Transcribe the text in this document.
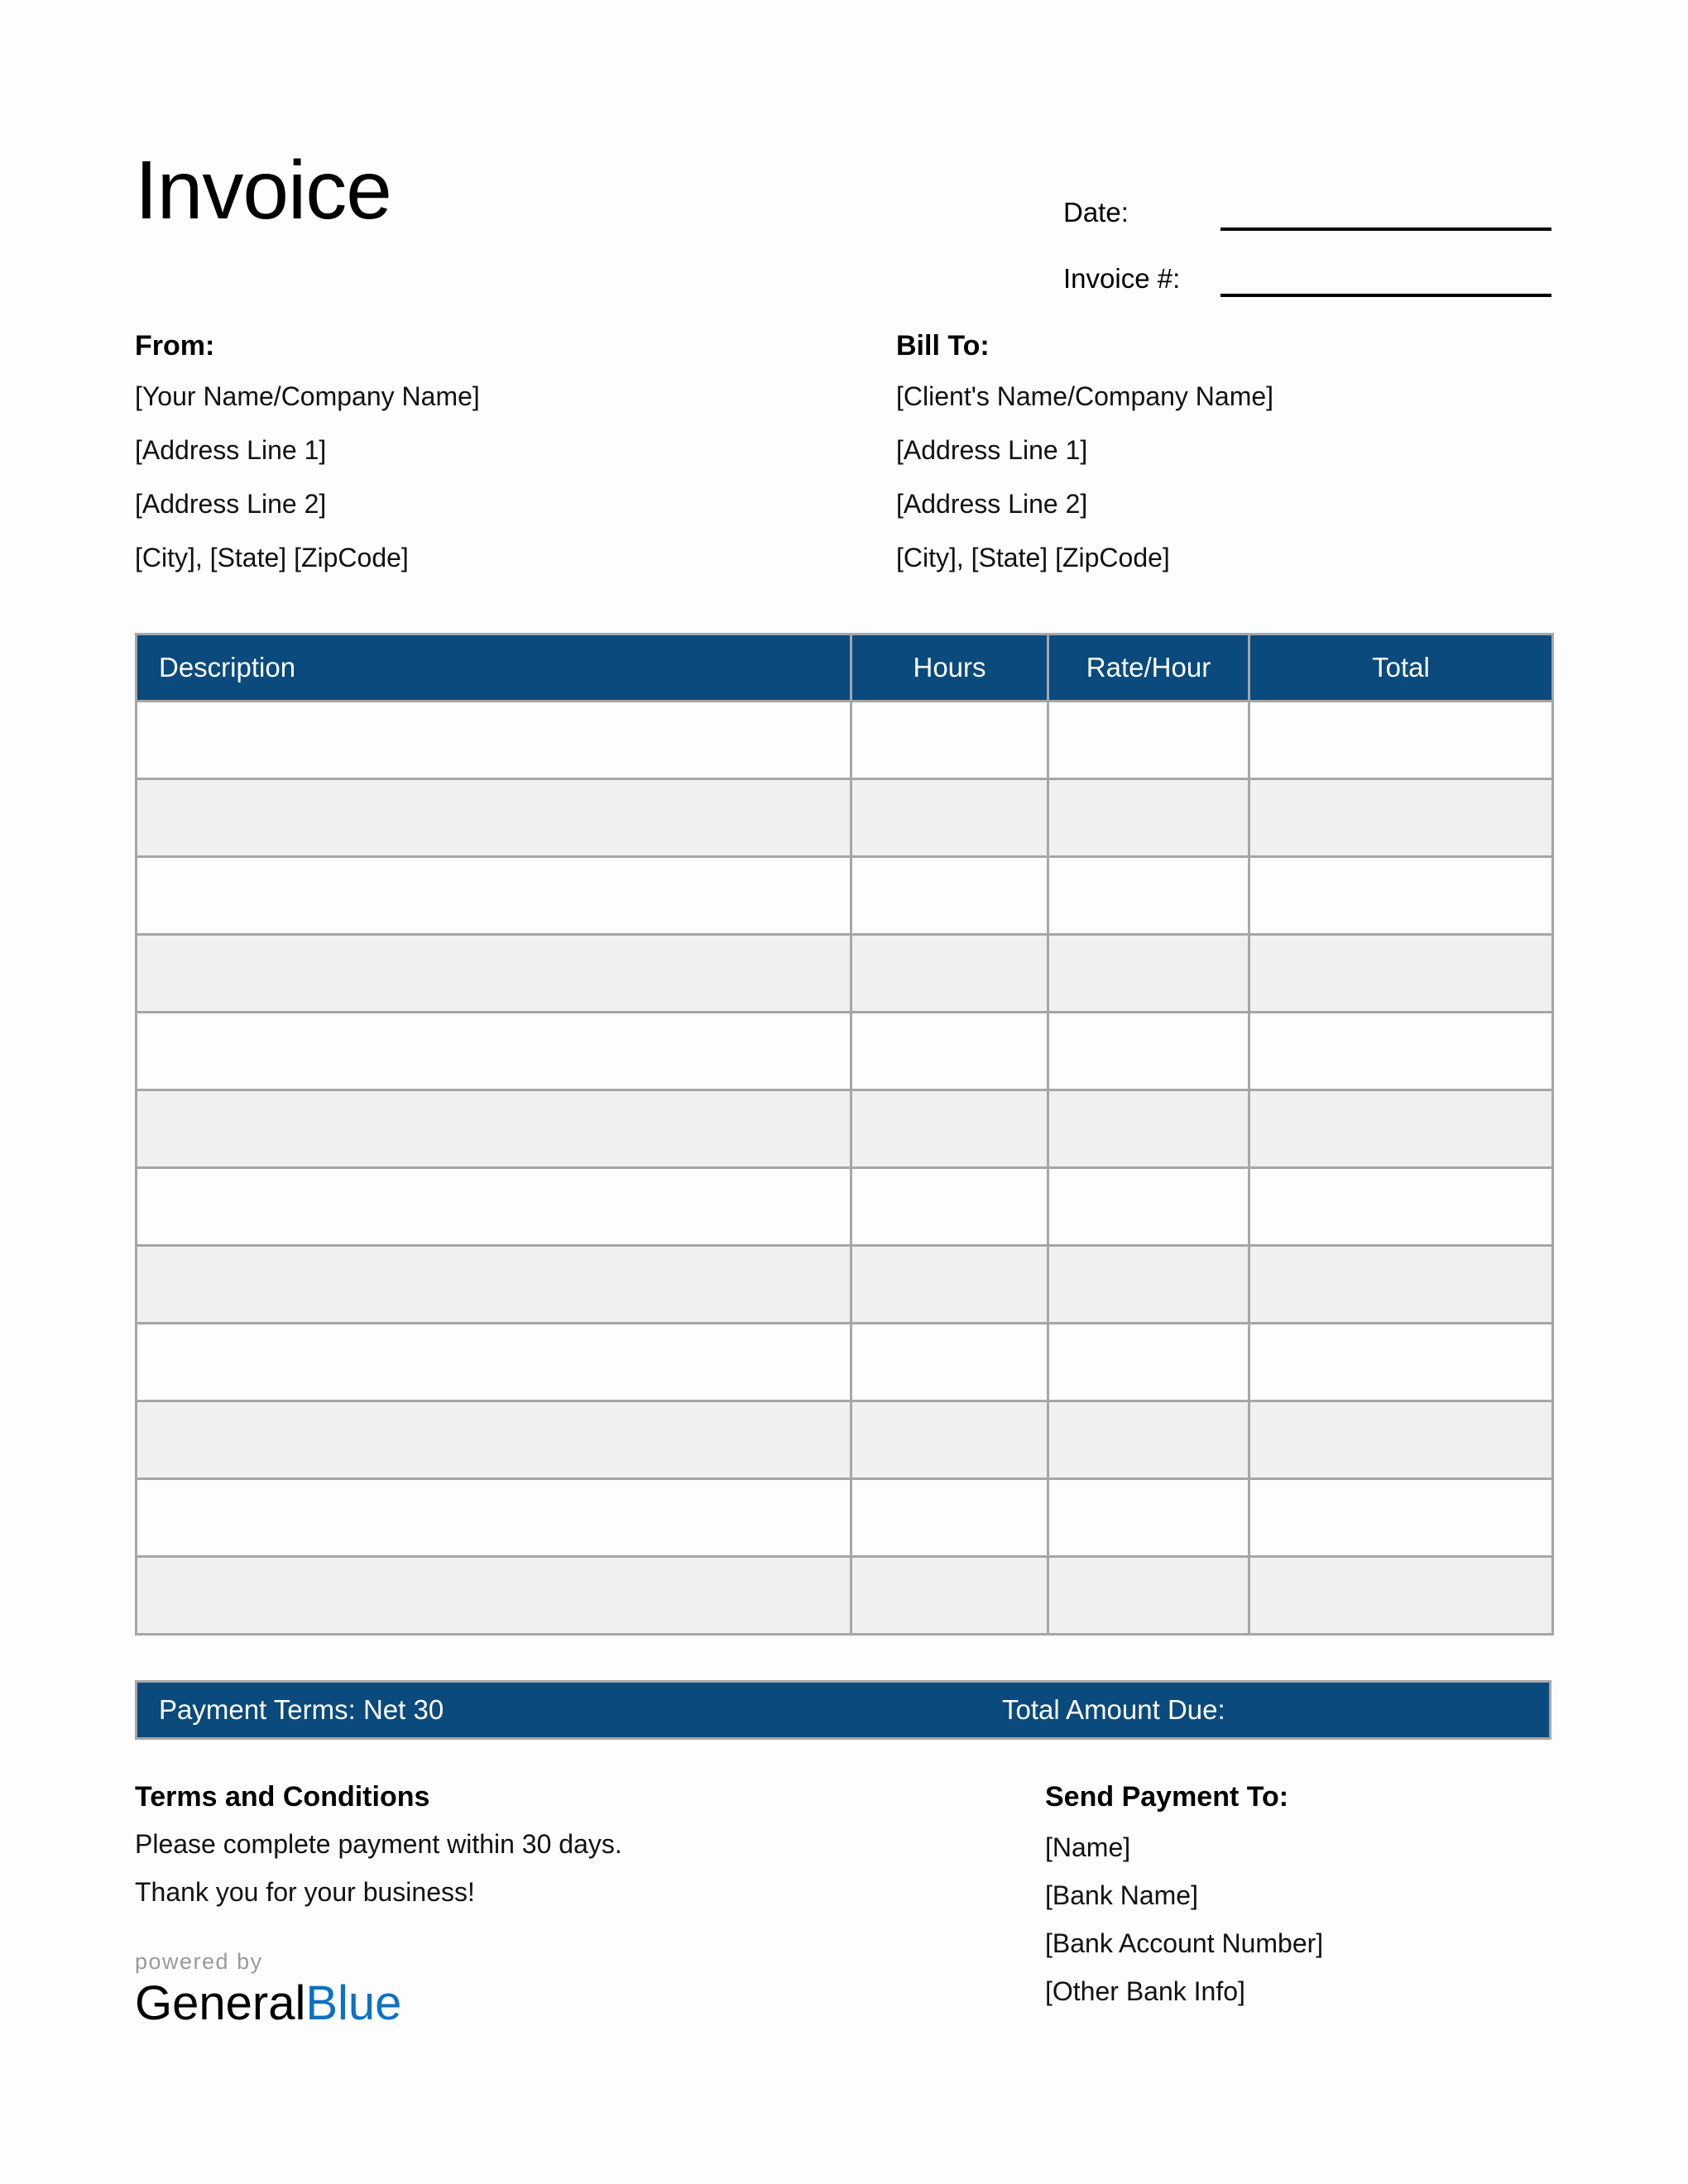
Invoice	Date:
Invoice #:
From:
[Your Name/Company Name]
[Address Line 1]
[Address Line 2]
[City], [State] [ZipCode]
Bill To:
[Client's Name/Company Name]
[Address Line 1]
[Address Line 2]
[City], [State] [ZipCode]
Description	Hours	Rate/Hour	Total

Payment Terms: Net 30	Total Amount Due:
Terms and Conditions
Please complete payment within 30 days.
Thank you for your business!
Send Payment To:
[Name]
[Bank Name]
[Bank Account Number]
[Other Bank Info]
powered by
GeneralBlue
